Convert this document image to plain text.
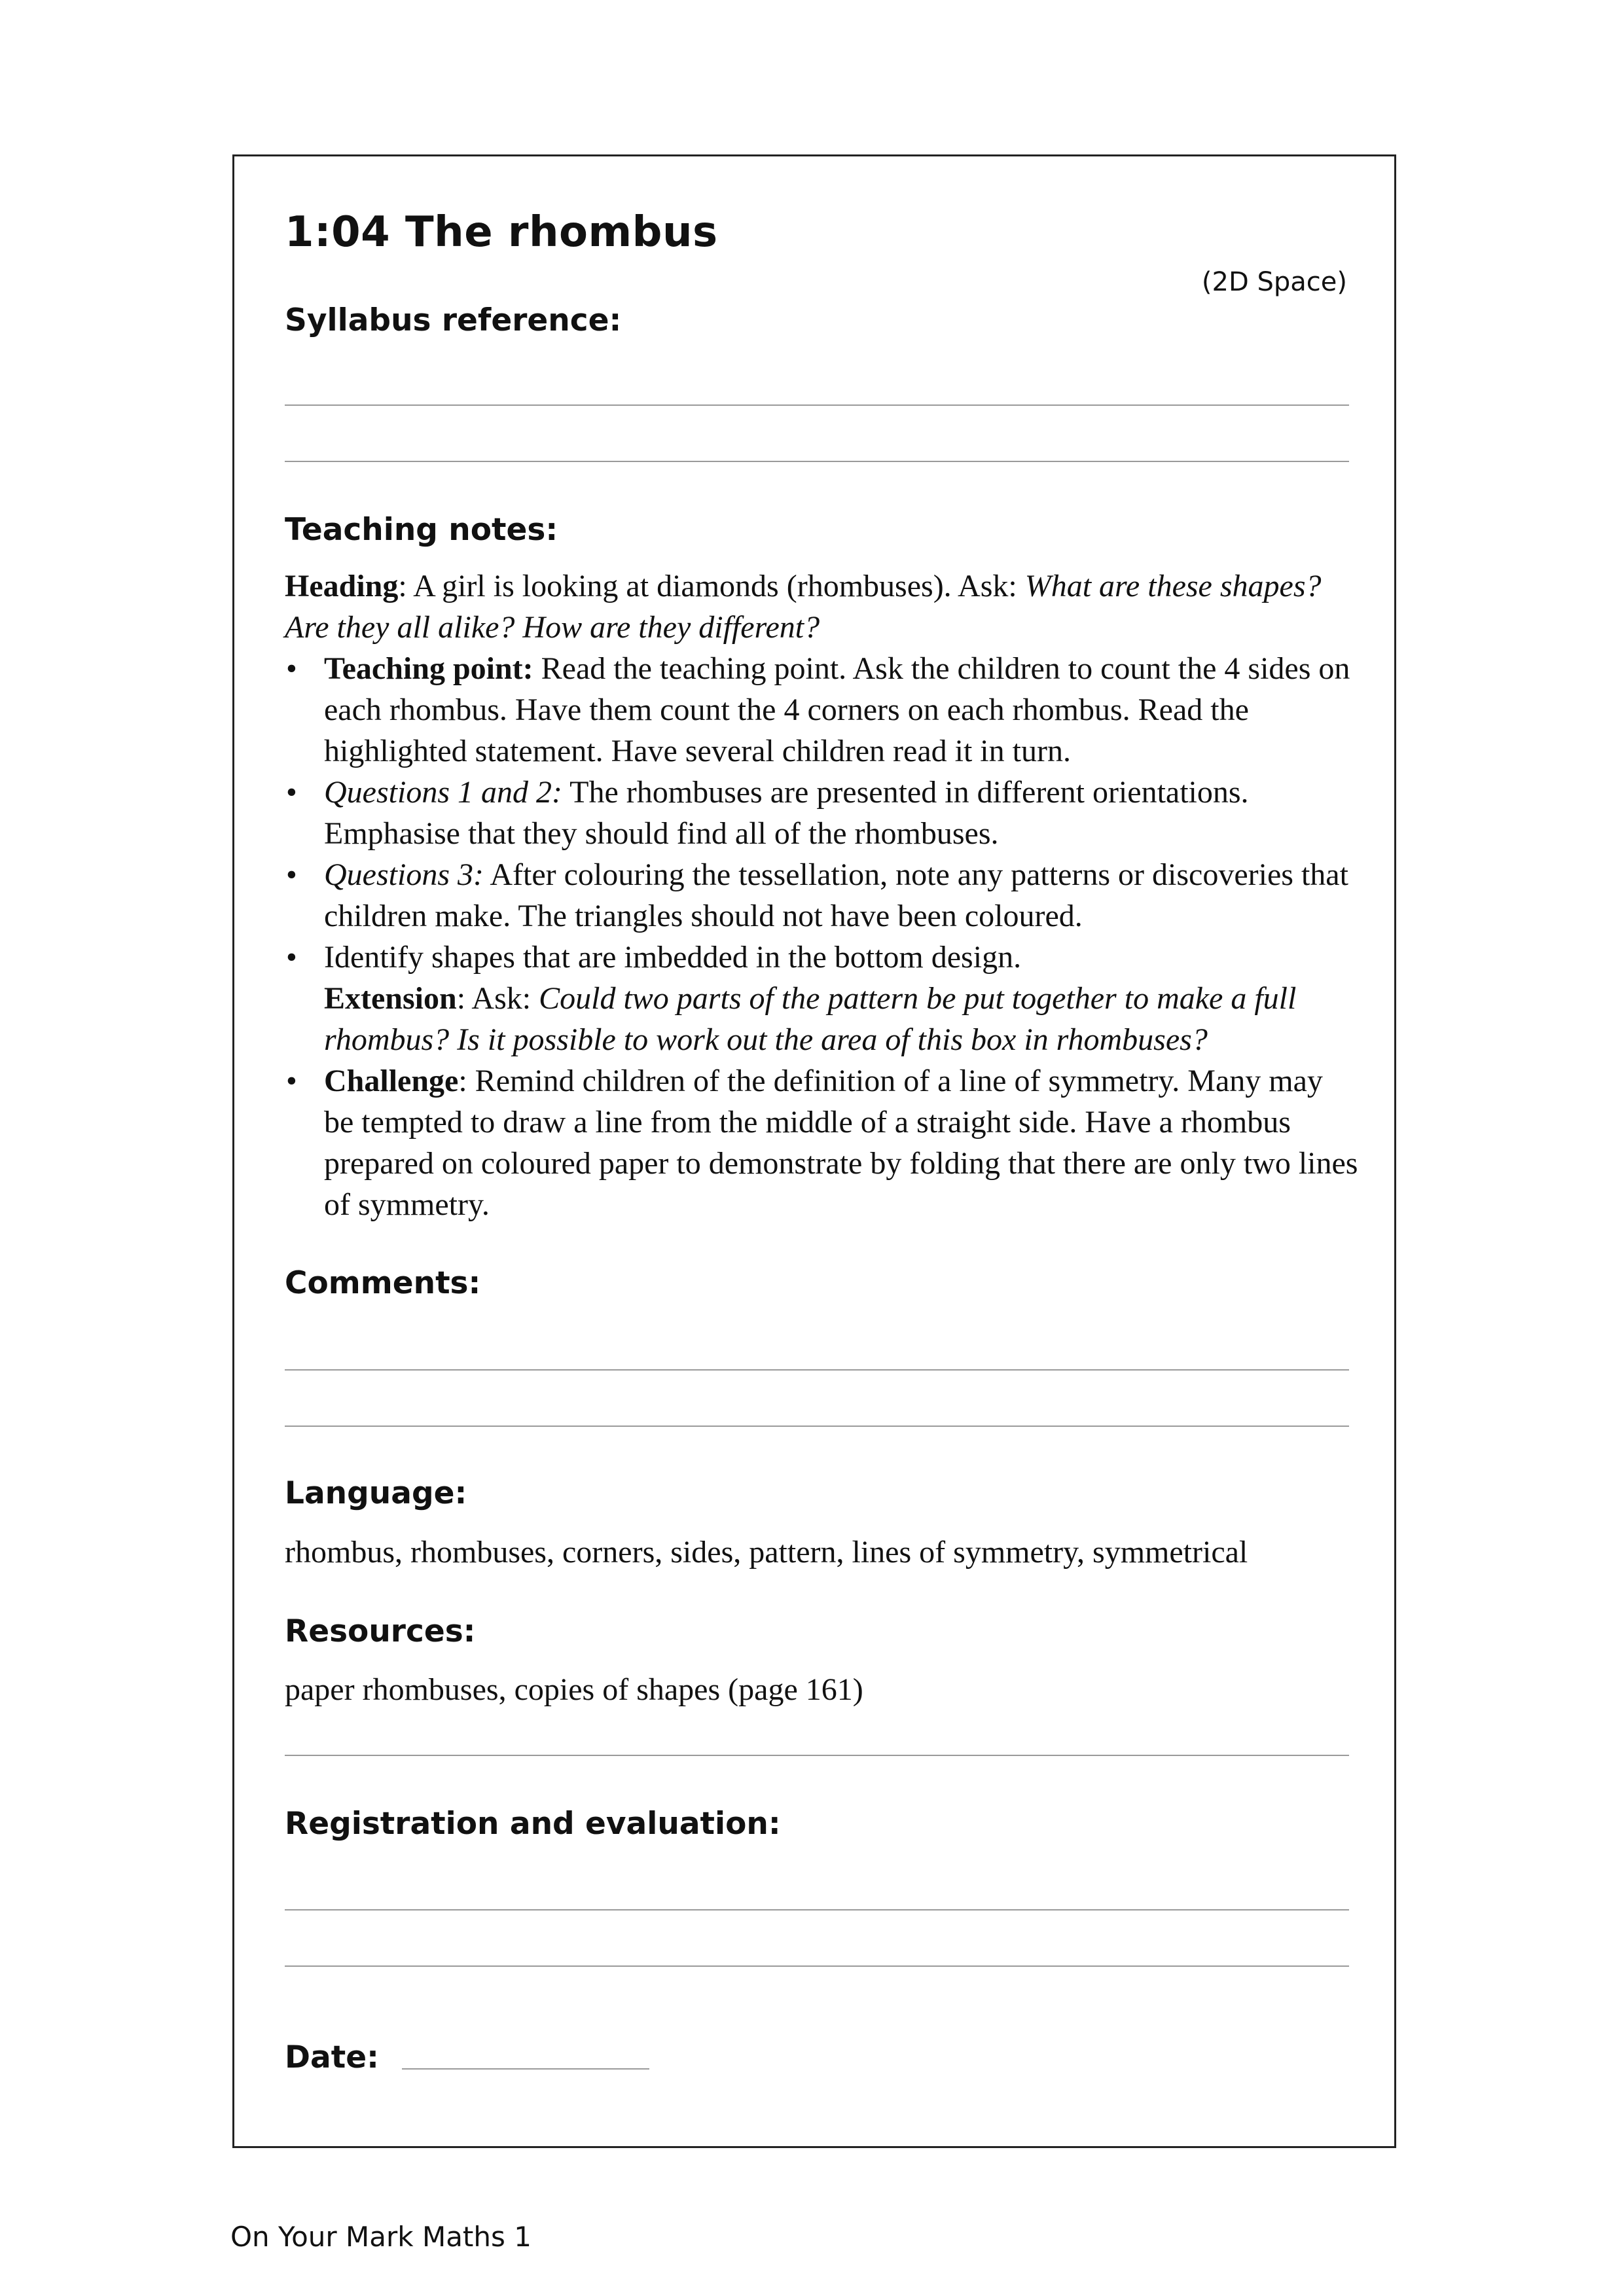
1:04 The rhombus
(2D Space)
Syllabus reference:
Teaching notes:

Heading: A girl is looking at diamonds (rhombuses). Ask: What are these shapes? Are they all alike? How are they different?

• Teaching point: Read the teaching point. Ask the children to count the 4 sides on each rhombus. Have them count the 4 corners on each rhombus. Read the highlighted statement. Have several children read it in turn.
• Questions 1 and 2: The rhombuses are presented in different orientations. Emphasise that they should find all of the rhombuses.
• Questions 3: After colouring the tessellation, note any patterns or discoveries that children make. The triangles should not have been coloured.
• Identify shapes that are imbedded in the bottom design.

Extension: Ask: Could two parts of the pattern be put together to make a full rhombus? Is it possible to work out the area of this box in rhombuses?

• Challenge: Remind children of the definition of a line of symmetry. Many may be tempted to draw a line from the middle of a straight side. Have a rhombus prepared on coloured paper to demonstrate by folding that there are only two lines of symmetry.
Comments:
Language:
rhombus, rhombuses, corners, sides, pattern, lines of symmetry, symmetrical
Resources:
paper rhombuses, copies of shapes (page 161)
Registration and evaluation:
Date:
On Your Mark Maths 1
